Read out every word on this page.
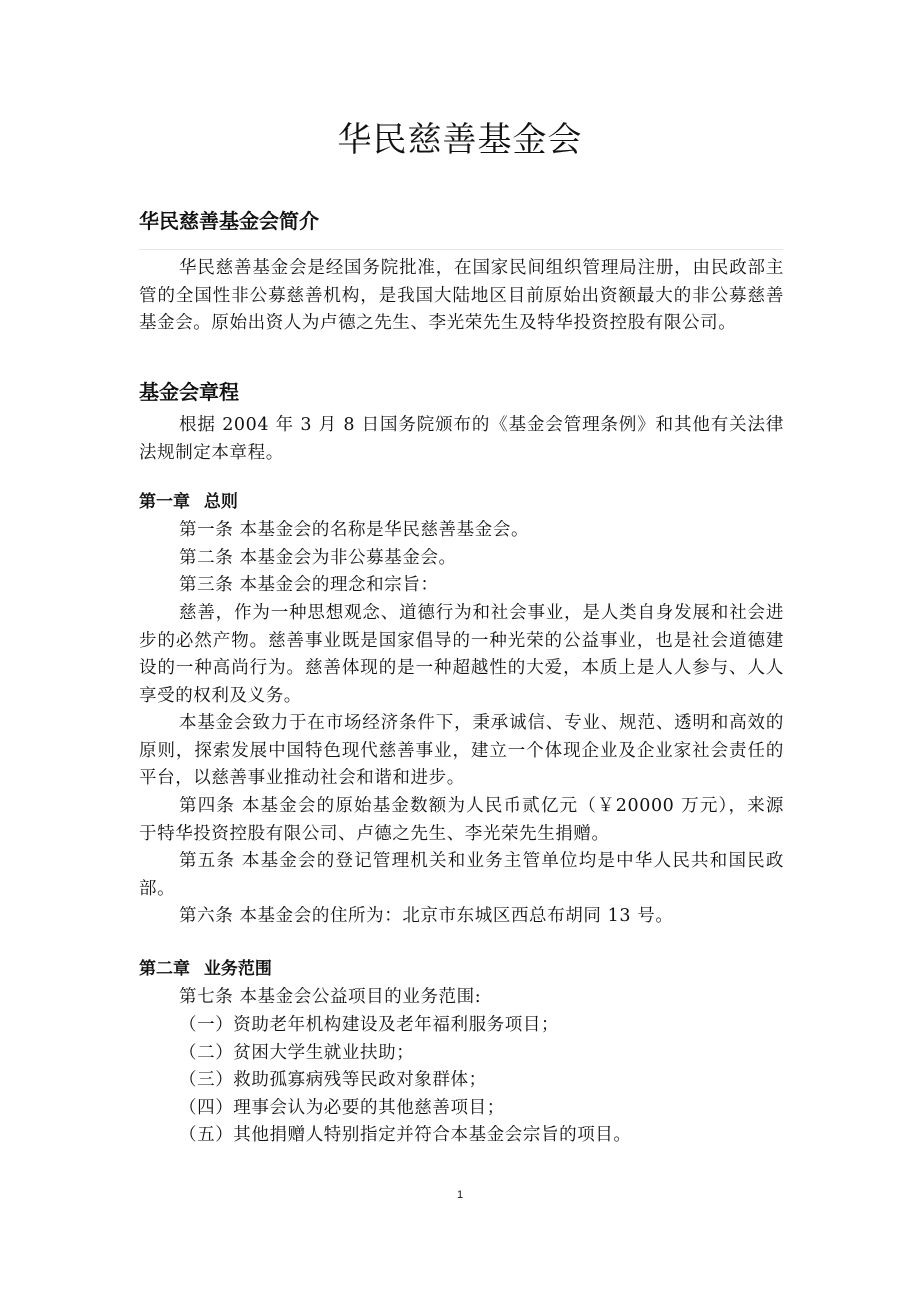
华民慈善基金会
华民慈善基金会简介

华民慈善基金会是经国务院批准，在国家民间组织管理局注册，由民政部主管的全国性非公募慈善机构，是我国大陆地区目前原始出资额最大的非公募慈善基金会。原始出资人为卢德之先生、李光荣先生及特华投资控股有限公司。

基金会章程

根据 2004 年 3 月 8 日国务院颁布的《基金会管理条例》和其他有关法律法规制定本章程。

第一章 总则

第一条 本基金会的名称是华民慈善基金会。

第二条 本基金会为非公募基金会。

第三条 本基金会的理念和宗旨：

慈善，作为一种思想观念、道德行为和社会事业，是人类自身发展和社会进步的必然产物。慈善事业既是国家倡导的一种光荣的公益事业，也是社会道德建设的一种高尚行为。慈善体现的是一种超越性的大爱，本质上是人人参与、人人享受的权利及义务。

本基金会致力于在市场经济条件下，秉承诚信、专业、规范、透明和高效的原则，探索发展中国特色现代慈善事业，建立一个体现企业及企业家社会责任的平台，以慈善事业推动社会和谐和进步。

第四条 本基金会的原始基金数额为人民币贰亿元（￥20000 万元），来源于特华投资控股有限公司、卢德之先生、李光荣先生捐赠。

第五条 本基金会的登记管理机关和业务主管单位均是中华人民共和国民政部。

第六条 本基金会的住所为：北京市东城区西总布胡同 13 号。

第二章 业务范围

第七条 本基金会公益项目的业务范围:

（一）资助老年机构建设及老年福利服务项目；

（二）贫困大学生就业扶助；

（三）救助孤寡病残等民政对象群体；

（四）理事会认为必要的其他慈善项目；

（五）其他捐赠人特别指定并符合本基金会宗旨的项目。

1
